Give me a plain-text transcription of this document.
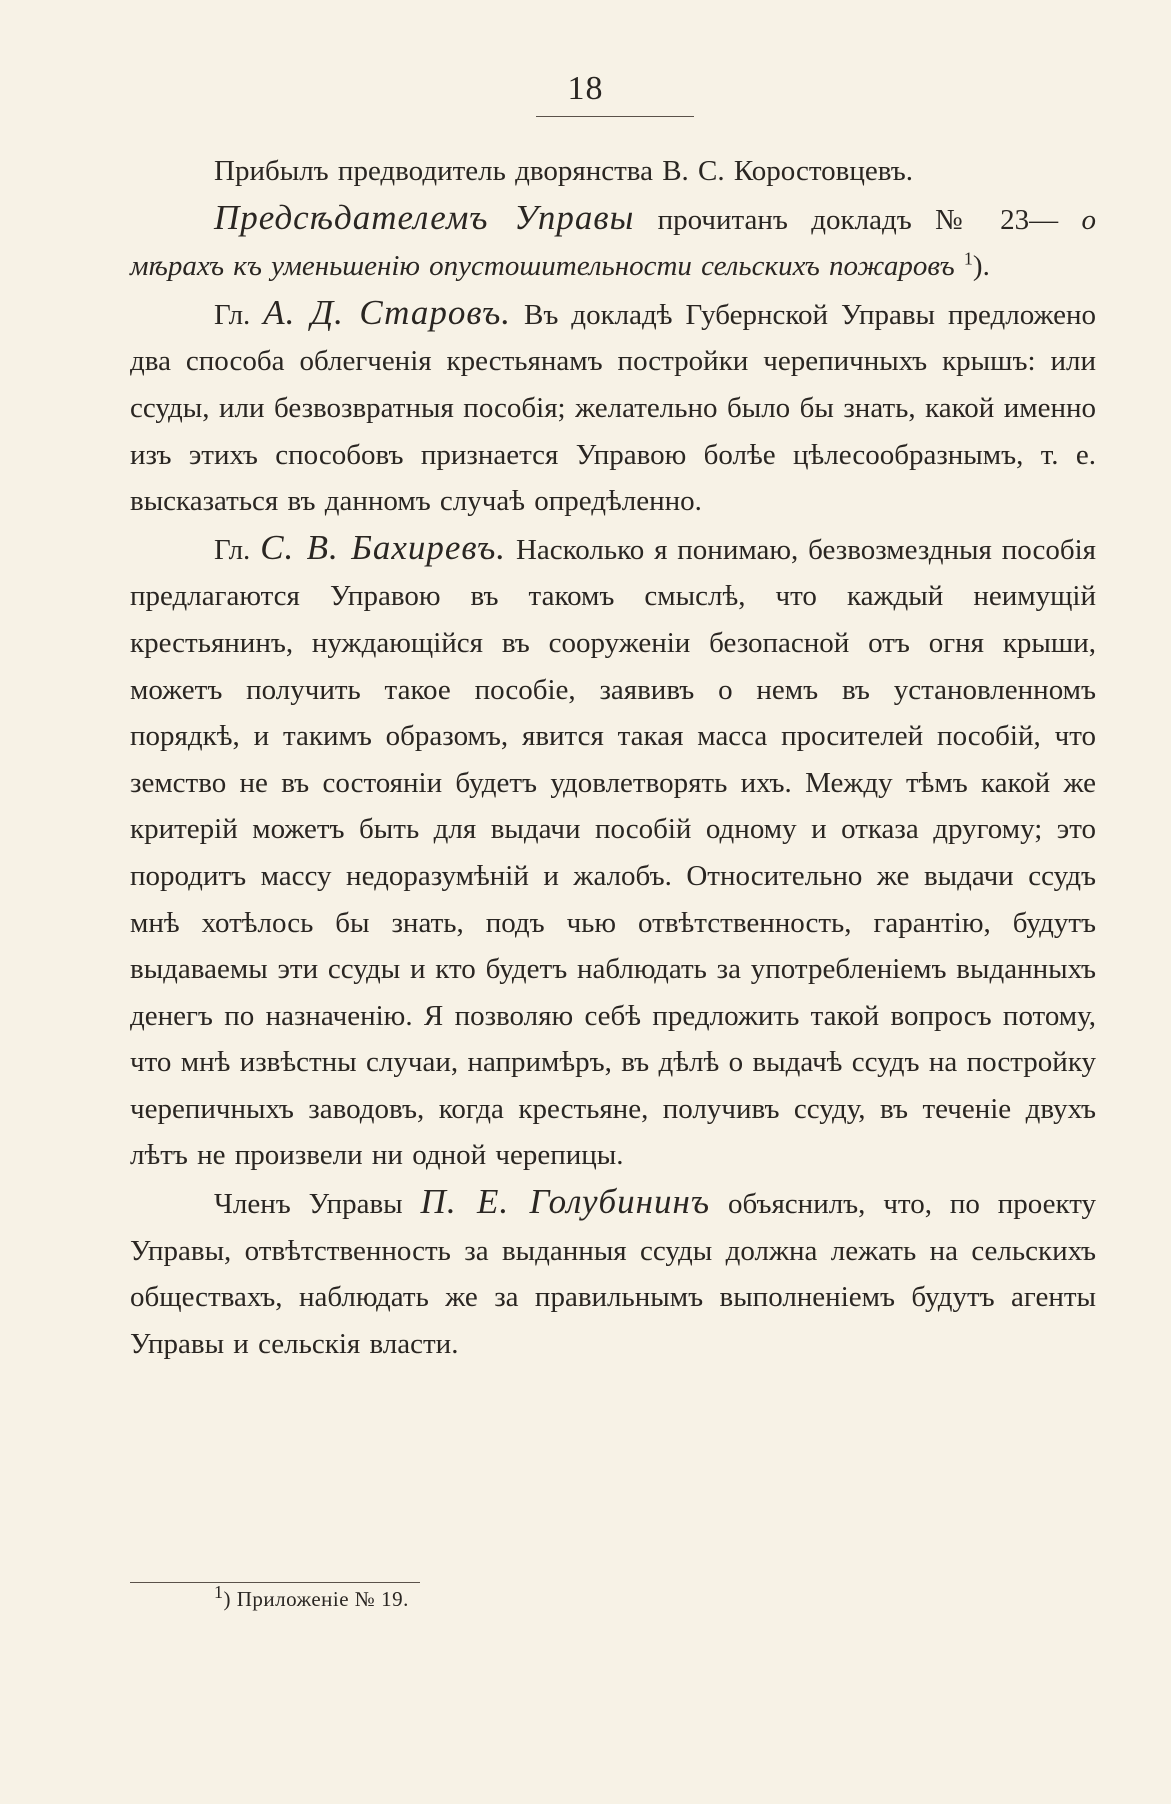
18

Прибылъ предводитель дворянства В. С. Коростовцевъ.

Предсѣдателемъ Управы прочитанъ докладъ № 23— о мѣрахъ къ уменьшенію опустошительности сельскихъ пожаровъ $^1$).

Гл. А. Д. Старовъ. Въ докладѣ Губернской Управы предложено два способа облегченія крестьянамъ постройки черепичныхъ крышъ: или ссуды, или безвозвратныя пособія; желательно было бы знать, какой именно изъ этихъ способовъ признается Управою болѣе цѣлесообразнымъ, т. е. высказаться въ данномъ случаѣ опредѣленно.

Гл. С. В. Бахиревъ. Насколько я понимаю, безвозмездныя пособія предлагаются Управою въ такомъ смыслѣ, что каждый неимущій крестьянинъ, нуждающійся въ сооруженіи безопасной отъ огня крыши, можетъ получить такое пособіе, заявивъ о немъ въ установленномъ порядкѣ, и такимъ образомъ, явится такая масса просителей пособій, что земство не въ состояніи будетъ удовлетворять ихъ. Между тѣмъ какой же критерій можетъ быть для выдачи пособій одному и отказа другому; это породитъ массу недоразумѣній и жалобъ. Относительно же выдачи ссудъ мнѣ хотѣлось бы знать, подъ чью отвѣтственность, гарантію, будутъ выдаваемы эти ссуды и кто будетъ наблюдать за употребленіемъ выданныхъ денегъ по назначенію. Я позволяю себѣ предложить такой вопросъ потому, что мнѣ извѣстны случаи, напримѣръ, въ дѣлѣ о выдачѣ ссудъ на постройку черепичныхъ заводовъ, когда крестьяне, получивъ ссуду, въ теченіе двухъ лѣтъ не произвели ни одной черепицы.

Членъ Управы П. Е. Голубининъ объяснилъ, что, по проекту Управы, отвѣтственность за выданныя ссуды должна лежать на сельскихъ обществахъ, наблюдать же за правильнымъ выполненіемъ будутъ агенты Управы и сельскія власти.

$^1$) Приложеніе № 19.
